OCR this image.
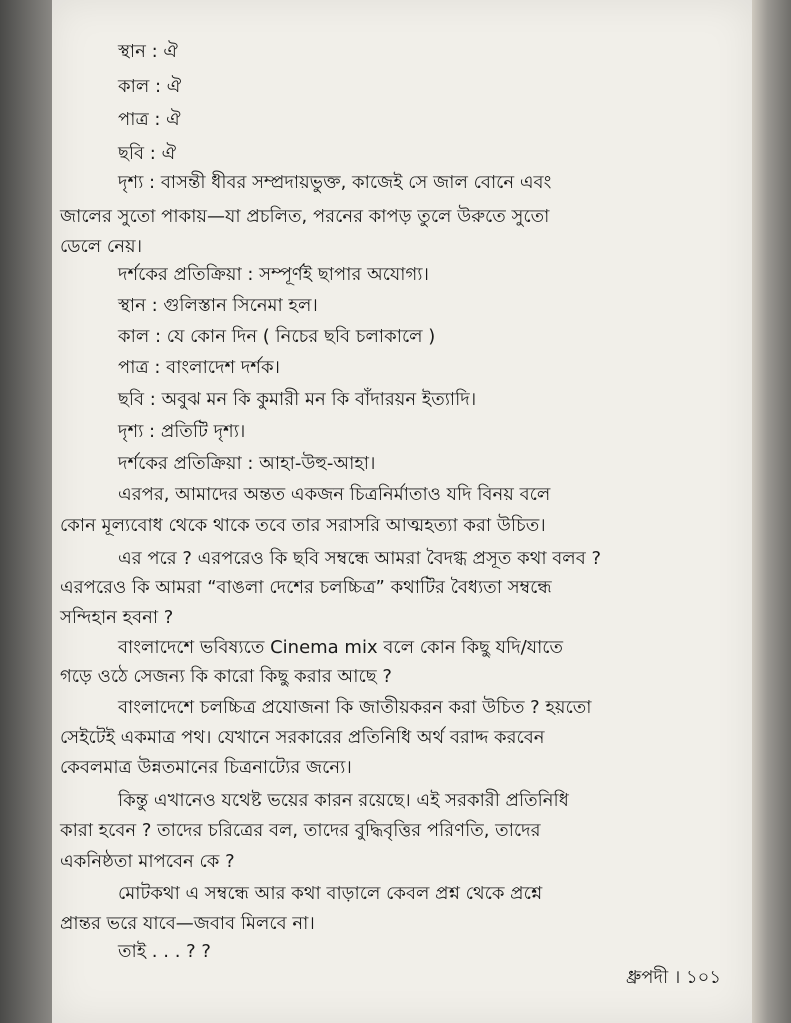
স্থান : ঐ
কাল : ঐ
পাত্র : ঐ
ছবি : ঐ
দৃশ্য : বাসন্তী ধীবর সম্প্রদায়ভুক্ত, কাজেই সে জাল বোনে এবং
জালের সুতো পাকায়—যা প্রচলিত, পরনের কাপড় তুলে উরুতে সুতো
ডেলে নেয়।
দর্শকের প্রতিক্রিয়া : সম্পূর্ণই ছাপার অযোগ্য।
স্থান : গুলিস্তান সিনেমা হল।
কাল : যে কোন দিন ( নিচের ছবি চলাকালে )
পাত্র : বাংলাদেশ দর্শক।
ছবি : অবুঝ মন কি কুমারী মন কি বাঁদারয়ন ইত্যাদি।
দৃশ্য : প্রতিটি দৃশ্য।
দর্শকের প্রতিক্রিয়া : আহা-উহু-আহা।
এরপর, আমাদের অন্তত একজন চিত্রনির্মাতাও যদি বিনয় বলে
কোন মূল্যবোধ থেকে থাকে তবে তার সরাসরি আত্মহত্যা করা উচিত।
এর পরে ? এরপরেও কি ছবি সম্বন্ধে আমরা বৈদগ্ধ প্রসূত কথা বলব ?
এরপরেও কি আমরা “বাঙলা দেশের চলচ্চিত্র” কথাটির বৈধ্যতা সম্বন্ধে
সন্দিহান হবনা ?
বাংলাদেশে ভবিষ্যতে Cinema mix বলে কোন কিছু যদি/যাতে
গড়ে ওঠে সেজন্য কি কারো কিছু করার আছে ?
বাংলাদেশে চলচ্চিত্র প্রযোজনা কি জাতীয়করন করা উচিত ? হয়তো
সেইটেই একমাত্র পথ। যেখানে সরকারের প্রতিনিধি অর্থ বরাদ্দ করবেন
কেবলমাত্র উন্নতমানের চিত্রনাট্যের জন্যে।
কিন্তু এখানেও যথেষ্ট ভয়ের কারন রয়েছে। এই সরকারী প্রতিনিধি
কারা হবেন ? তাদের চরিত্রের বল, তাদের বুদ্ধিবৃত্তির পরিণতি, তাদের
একনিষ্ঠতা মাপবেন কে ?
মোটকথা এ সম্বন্ধে আর কথা বাড়ালে কেবল প্রশ্ন থেকে প্রশ্নে
প্রান্তর ভরে যাবে—জবাব মিলবে না।
তাই . . . ? ?
ধ্রুপদী । ১০১
